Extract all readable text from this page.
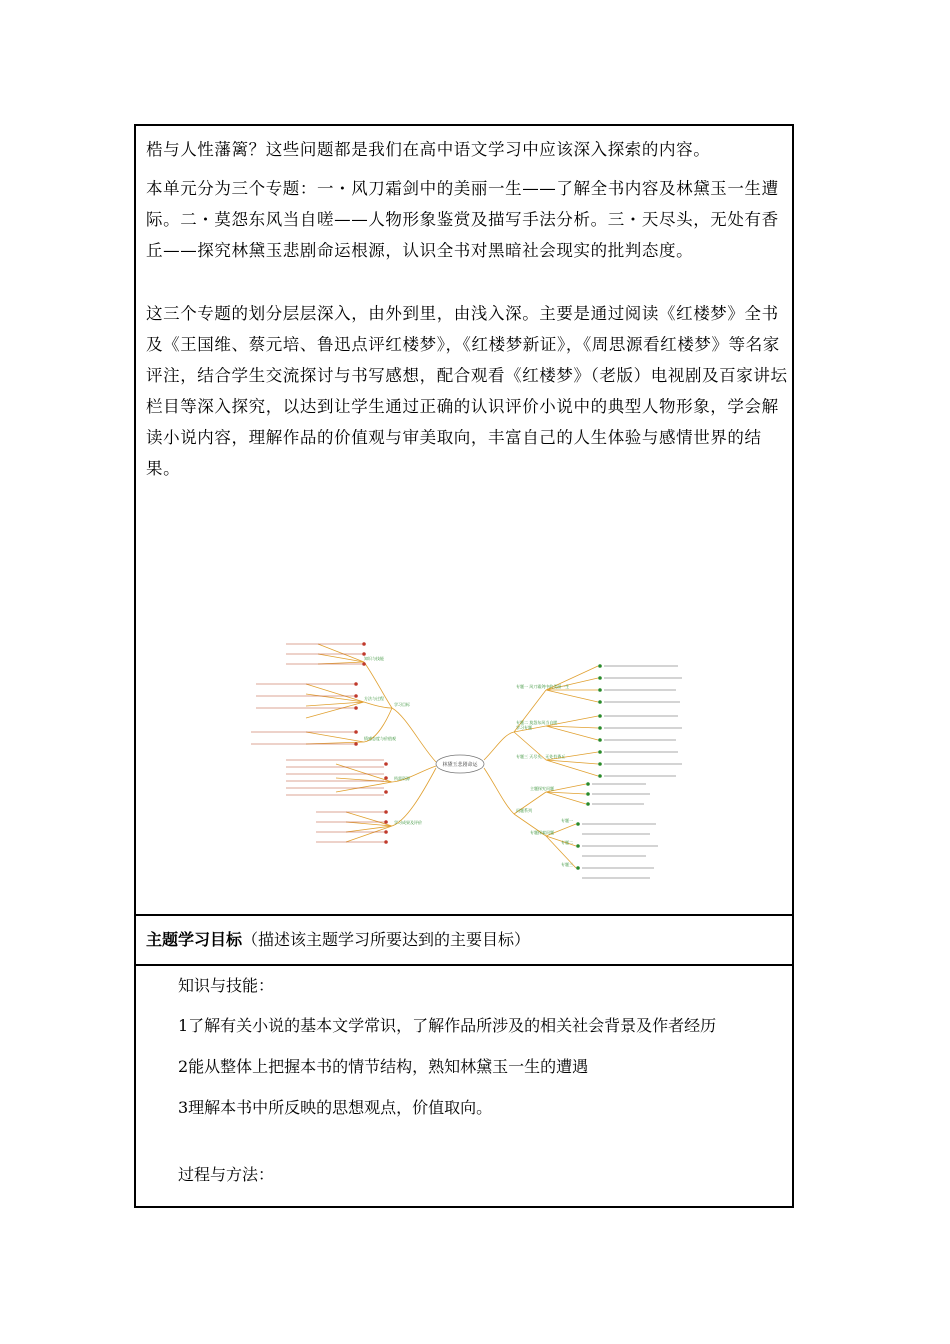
梏与人性藩篱？这些问题都是我们在高中语文学习中应该深入探索的内容。

本单元分为三个专题：一・风刀霜剑中的美丽一生——了解全书内容及林黛玉一生遭际。二・莫怨东风当自嗟——人物形象鉴赏及描写手法分析。三・天尽头，无处有香丘——探究林黛玉悲剧命运根源，认识全书对黑暗社会现实的批判态度。

这三个专题的划分层层深入，由外到里，由浅入深。主要是通过阅读《红楼梦》全书及《王国维、蔡元培、鲁迅点评红楼梦》，《红楼梦新证》，《周思源看红楼梦》等名家评注，结合学生交流探讨与书写感想，配合观看《红楼梦》（老版）电视剧及百家讲坛栏目等深入探究，以达到让学生通过正确的认识评价小说中的典型人物形象，学会解读小说内容，理解作品的价值观与审美取向，丰富自己的人生体验与感情世界的结果。

林黛玉悲剧命运
知识与技能
方法与过程
学习目标
情感态度与价值观
所需资源
学习成果及评价
学习专题
专题一 风刀霜剑中的美丽一生
专题二 莫怨东风当自嗟
专题三 天尽头，无处有香丘
问题系列
主题探究问题
专题探索问题
专题一
专题二
专题三
主题学习目标（描述该主题学习所要达到的主要目标）

知识与技能：

1了解有关小说的基本文学常识，了解作品所涉及的相关社会背景及作者经历

2能从整体上把握本书的情节结构，熟知林黛玉一生的遭遇

3理解本书中所反映的思想观点，价值取向。

过程与方法：
